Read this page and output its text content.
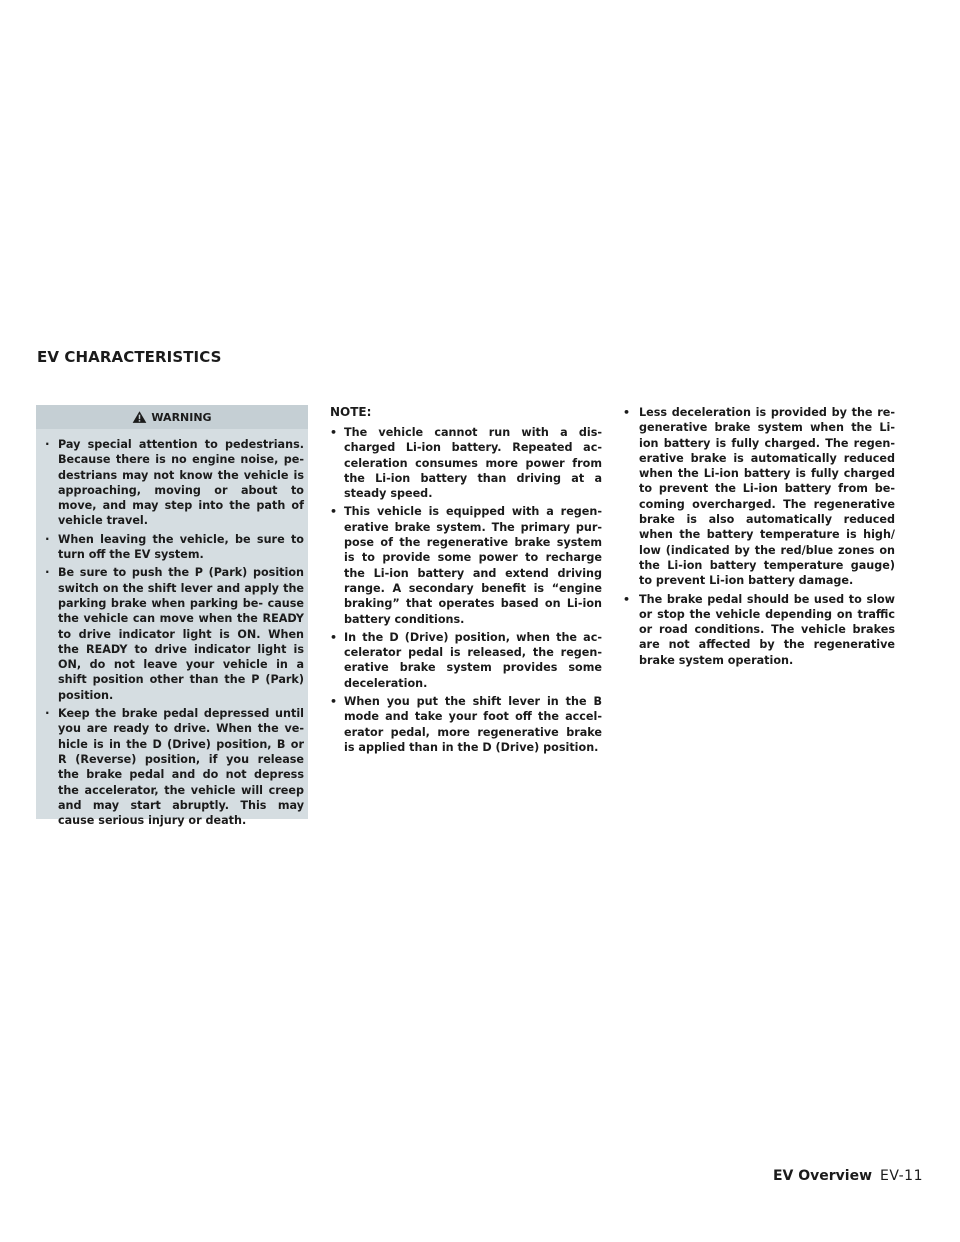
EV CHARACTERISTICS
WARNING
· Pay special attention to pedestrians. Because there is no engine noise, pe- destrians may not know the vehicle is approaching, moving or about to move, and may step into the path of vehicle travel.
· When leaving the vehicle, be sure to turn off the EV system.
· Be sure to push the P (Park) position switch on the shift lever and apply the parking brake when parking be- cause the vehicle can move when the READY to drive indicator light is ON. When the READY to drive indicator light is ON, do not leave your vehicle in a shift position other than the P (Park) position.
· Keep the brake pedal depressed until you are ready to drive. When the ve- hicle is in the D (Drive) position, B or R (Reverse) position, if you release the brake pedal and do not depress the accelerator, the vehicle will creep and may start abruptly. This may cause serious injury or death.
NOTE:
• The vehicle cannot run with a dis- charged Li-ion battery. Repeated ac- celeration consumes more power from the Li-ion battery than driving at a steady speed.
• This vehicle is equipped with a regen- erative brake system. The primary pur- pose of the regenerative brake system is to provide some power to recharge the Li-ion battery and extend driving range. A secondary benefit is “engine braking” that operates based on Li-ion battery conditions.
• In the D (Drive) position, when the ac- celerator pedal is released, the regen- erative brake system provides some deceleration.
• When you put the shift lever in the B mode and take your foot off the accel- erator pedal, more regenerative brake is applied than in the D (Drive) position.
• Less deceleration is provided by the re- generative brake system when the Li- ion battery is fully charged. The regen- erative brake is automatically reduced when the Li-ion battery is fully charged to prevent the Li-ion battery from be- coming overcharged. The regenerative brake is also automatically reduced when the battery temperature is high/ low (indicated by the red/blue zones on the Li-ion battery temperature gauge) to prevent Li-ion battery damage.
• The brake pedal should be used to slow or stop the vehicle depending on traffic or road conditions. The vehicle brakes are not affected by the regenerative brake system operation.
EV Overview EV-11
